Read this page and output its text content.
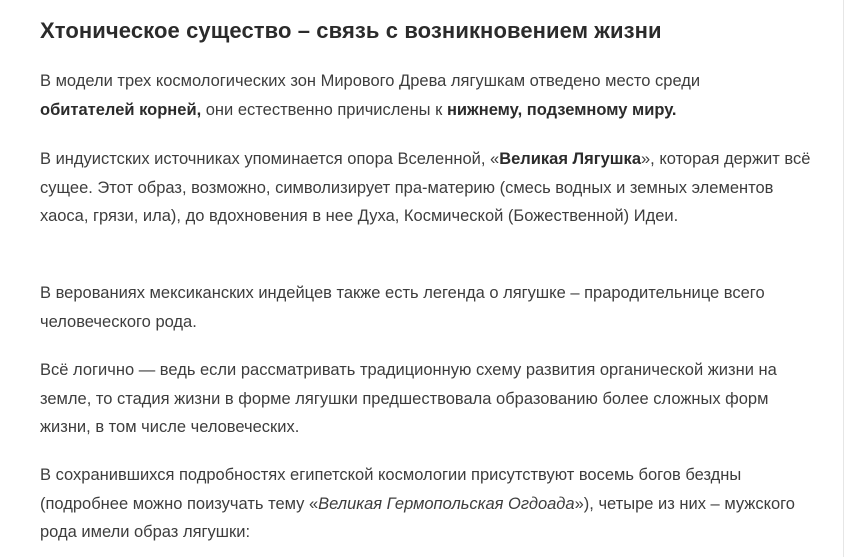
Хтоническое существо – связь с возникновением жизни

В модели трех космологических зон Мирового Древа лягушкам отведено место среди
обитателей корней, они естественно причислены к нижнему, подземному миру.

В индуистских источниках упоминается опора Вселенной, «Великая Лягушка», которая держит всё сущее. Этот образ, возможно, символизирует пра-материю (смесь водных и земных элементов хаоса, грязи, ила), до вдохновения в нее Духа, Космической (Божественной) Идеи.

В верованиях мексиканских индейцев также есть легенда о лягушке – прародительнице всего человеческого рода.

Всё логично — ведь если рассматривать традиционную схему развития органической жизни на земле, то стадия жизни в форме лягушки предшествовала образованию более сложных форм жизни, в том числе человеческих.

В сохранившихся подробностях египетской космологии присутствуют восемь богов бездны (подробнее можно поизучать тему «Великая Гермопольская Огдоада»), четыре из них – мужского рода имели образ лягушки:
